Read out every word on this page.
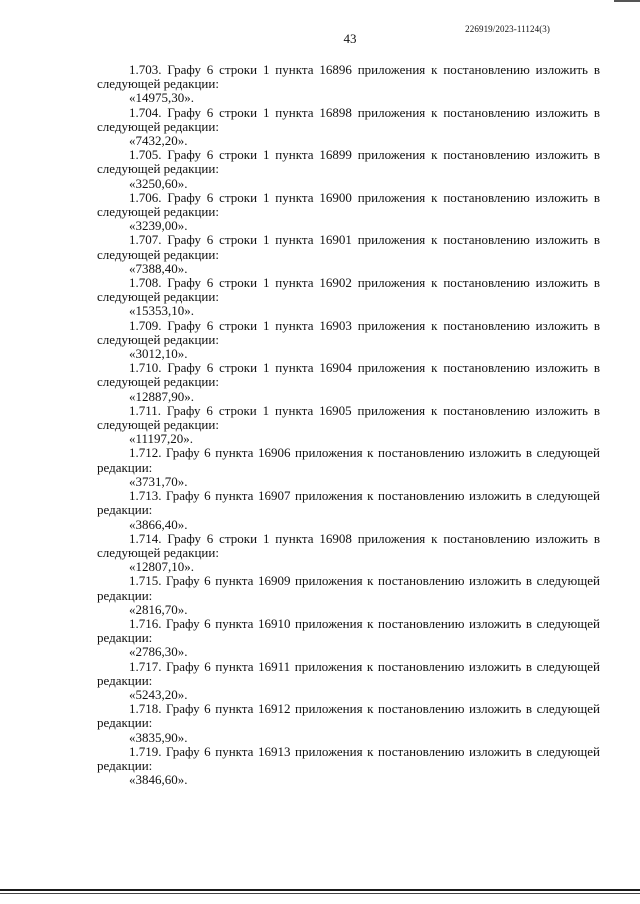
226919/2023-11124(3)
43

1.703. Графу 6 строки 1 пункта 16896 приложения к постановлению изложить в следующей редакции:

«14975,30».

1.704. Графу 6 строки 1 пункта 16898 приложения к постановлению изложить в следующей редакции:

«7432,20».

1.705. Графу 6 строки 1 пункта 16899 приложения к постановлению изложить в следующей редакции:

«3250,60».

1.706. Графу 6 строки 1 пункта 16900 приложения к постановлению изложить в следующей редакции:

«3239,00».

1.707. Графу 6 строки 1 пункта 16901 приложения к постановлению изложить в следующей редакции:

«7388,40».

1.708. Графу 6 строки 1 пункта 16902 приложения к постановлению изложить в следующей редакции:

«15353,10».

1.709. Графу 6 строки 1 пункта 16903 приложения к постановлению изложить в следующей редакции:

«3012,10».

1.710. Графу 6 строки 1 пункта 16904 приложения к постановлению изложить в следующей редакции:

«12887,90».

1.711. Графу 6 строки 1 пункта 16905 приложения к постановлению изложить в следующей редакции:

«11197,20».

1.712. Графу 6 пункта 16906 приложения к постановлению изложить в следующей редакции:

«3731,70».

1.713. Графу 6 пункта 16907 приложения к постановлению изложить в следующей редакции:

«3866,40».

1.714. Графу 6 строки 1 пункта 16908 приложения к постановлению изложить в следующей редакции:

«12807,10».

1.715. Графу 6 пункта 16909 приложения к постановлению изложить в следующей редакции:

«2816,70».

1.716. Графу 6 пункта 16910 приложения к постановлению изложить в следующей редакции:

«2786,30».

1.717. Графу 6 пункта 16911 приложения к постановлению изложить в следующей редакции:

«5243,20».

1.718. Графу 6 пункта 16912 приложения к постановлению изложить в следующей редакции:

«3835,90».

1.719. Графу 6 пункта 16913 приложения к постановлению изложить в следующей редакции:

«3846,60».
